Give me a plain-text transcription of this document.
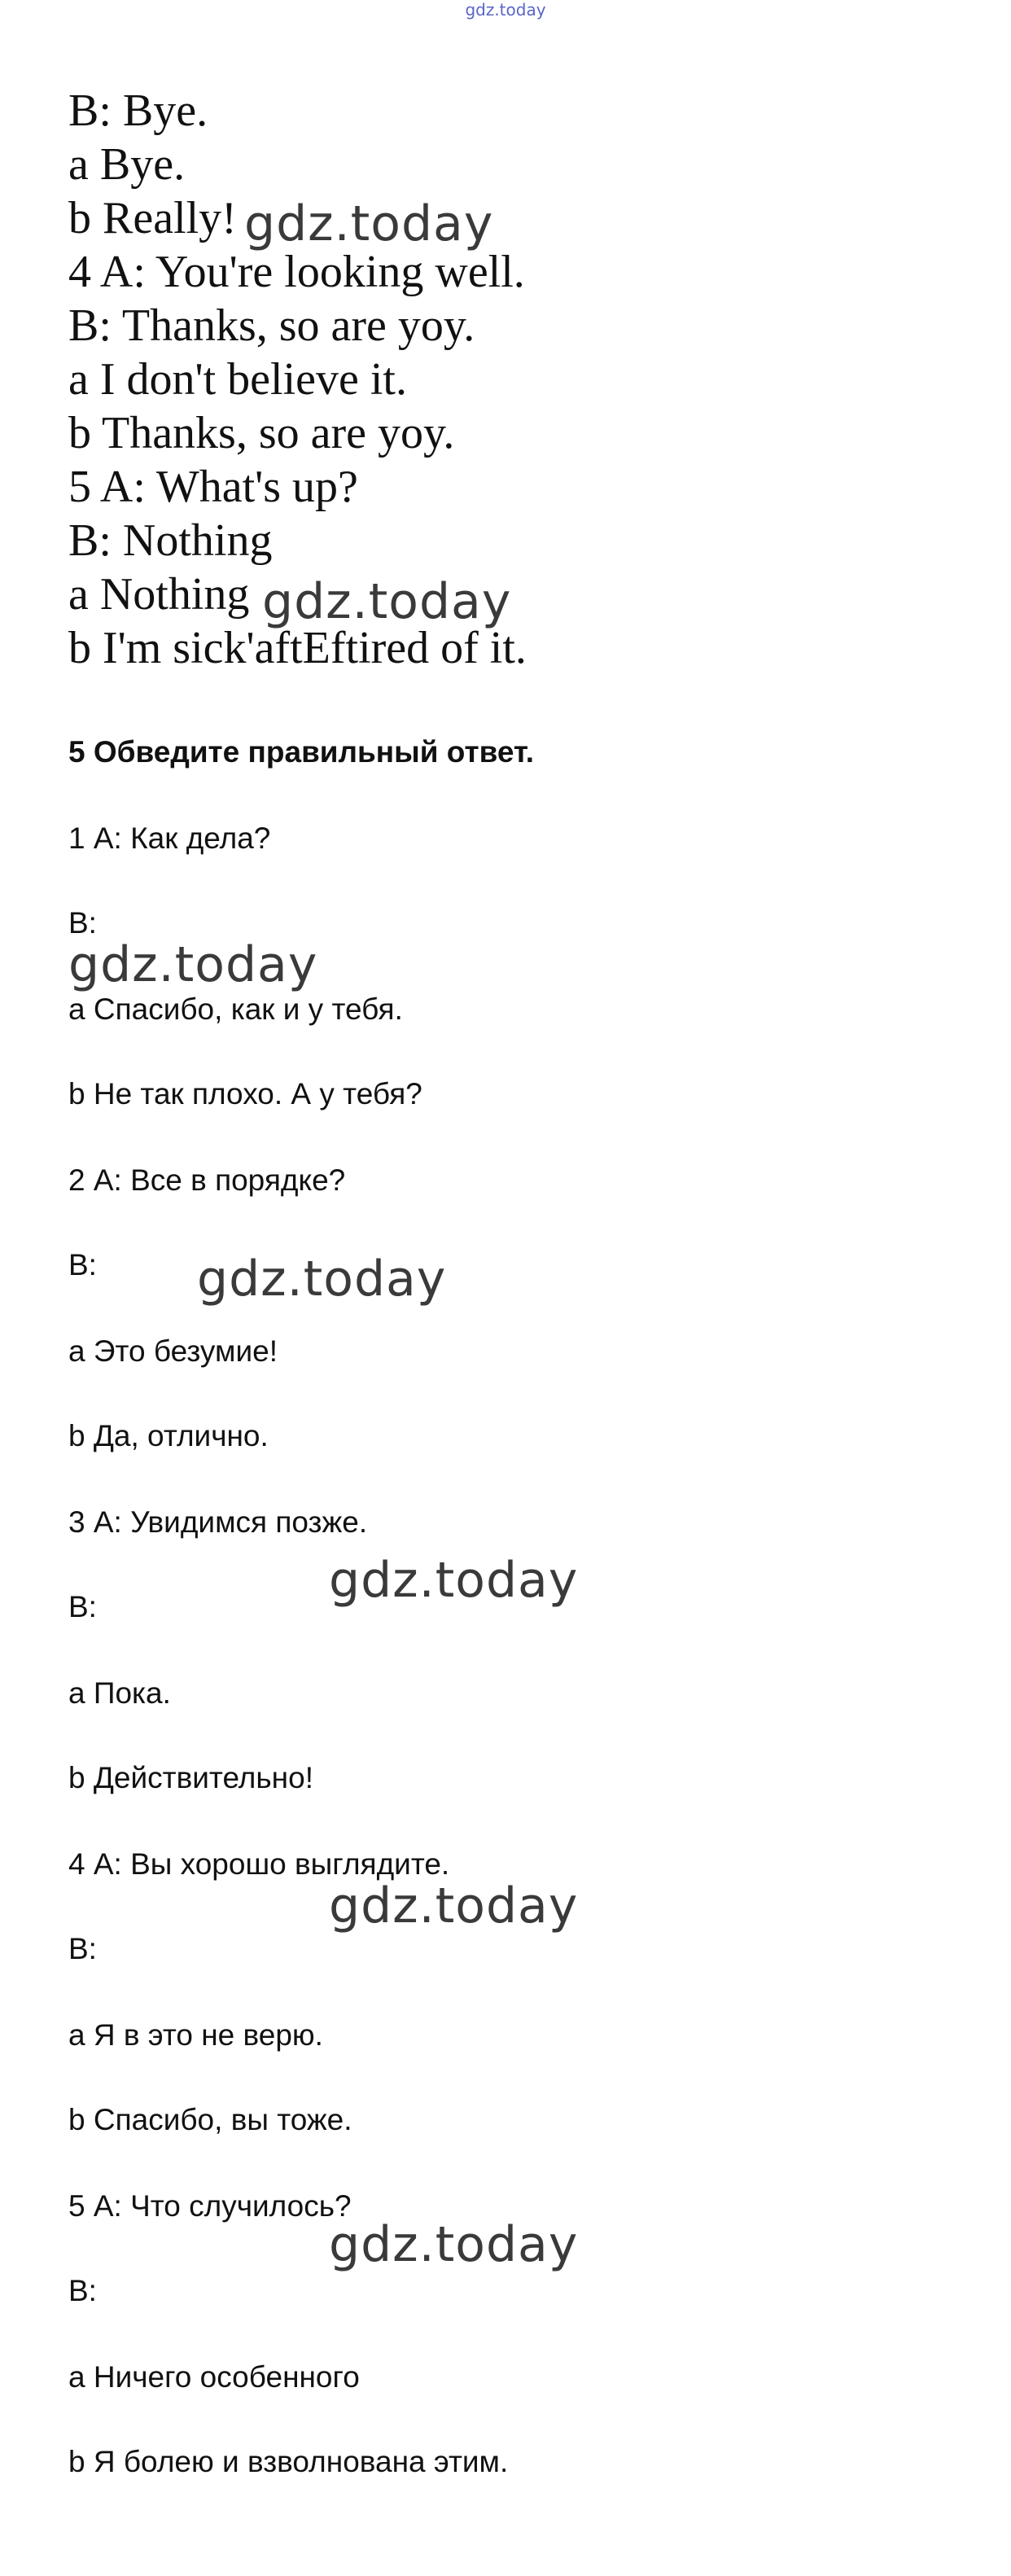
gdz.today
B: Bye.
a Bye.
b Really!
4 A: You're looking well.
B: Thanks, so are yoy.
a I don't believe it.
b Thanks, so are yoy.
5 A: What's up?
B: Nothing
a Nothing
b I'm sick'aftEftired of it.
5 Обведите правильный ответ.
1 А: Как дела?
В:
a Спасибо, как и у тебя.
b Не так плохо. А у тебя?
2 А: Все в порядке?
В:
a Это безумие!
b Да, отлично.
3 А: Увидимся позже.
В:
a Пока.
b Действительно!
4 А: Вы хорошо выглядите.
В:
a Я в это не верю.
b Спасибо, вы тоже.
5 А: Что случилось?
В:
a Ничего особенного
b Я болею и взволнована этим.
gdz.today
gdz.today
gdz.today
gdz.today
gdz.today
gdz.today
gdz.today
